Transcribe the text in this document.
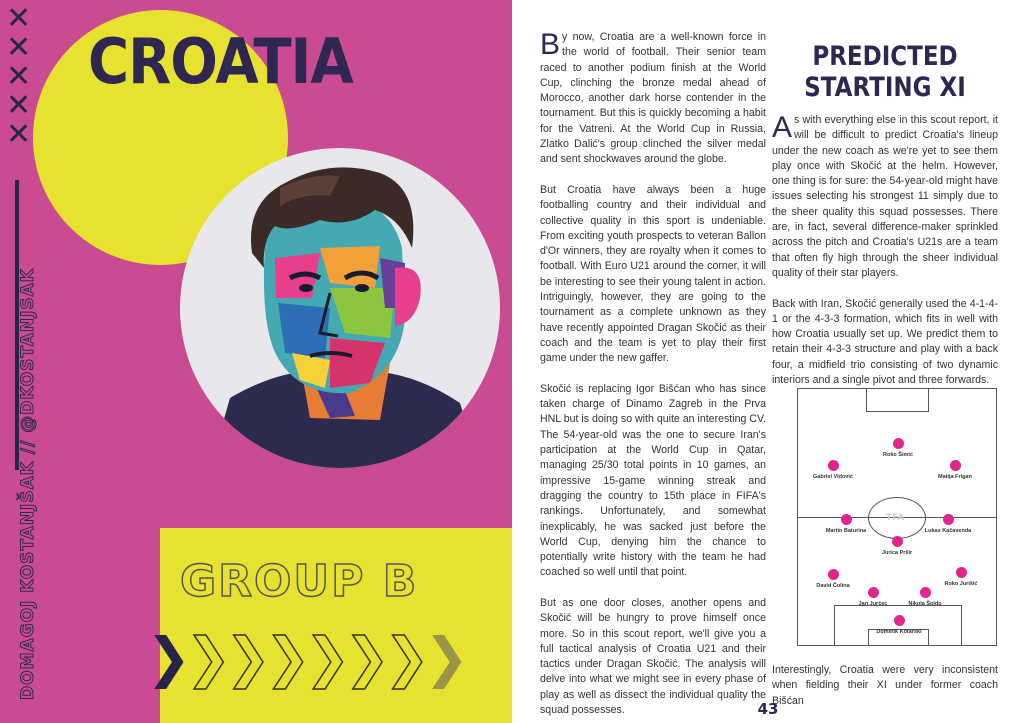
✕
✕
✕
✕
✕
CROATIA
GROUP B
❯ ❯ ❯ ❯ ❯ ❯ ❯ ❯
DOMAGOJ KOSTANJŠAK // @DKOSTANJSAK

By now, Croatia are a well-known force in the world of football. Their senior team raced to another podium finish at the World Cup, clinching the bronze medal ahead of Morocco, another dark horse contender in the tournament. But this is quickly becoming a habit for the Vatreni. At the World Cup in Russia, Zlatko Dalić's group clinched the silver medal and sent shockwaves around the globe.

But Croatia have always been a huge footballing country and their individual and collective quality in this sport is undeniable. From exciting youth prospects to veteran Ballon d'Or winners, they are royalty when it comes to football. With Euro U21 around the corner, it will be interesting to see their young talent in action. Intriguingly, however, they are going to the tournament as a complete unknown as they have recently appointed Dragan Skočić as their coach and the team is yet to play their first game under the new gaffer.

Skočić is replacing Igor Bišćan who has since taken charge of Dinamo Zagreb in the Prva HNL but is doing so with quite an interesting CV. The 54-year-old was the one to secure Iran's participation at the World Cup in Qatar, managing 25/30 total points in 10 games, an impressive 15-game winning streak and dragging the country to 15th place in FIFA's rankings. Unfortunately, and somewhat inexplicably, he was sacked just before the World Cup, denying him the chance to potentially write history with the team he had coached so well until that point.

But as one door closes, another opens and Skočić will be hungry to prove himself once more. So in this scout report, we'll give you a full tactical analysis of Croatia U21 and their tactics under Dragan Skočić. The analysis will delve into what we might see in every phase of play as well as dissect the individual quality the squad possesses.

PREDICTED
STARTING XI

As with everything else in this scout report, it will be difficult to predict Croatia's lineup under the new coach as we're yet to see them play once with Skočić at the helm. However, one thing is for sure: the 54-year-old might have issues selecting his strongest 11 simply due to the sheer quality this squad possesses. There are, in fact, several difference-maker sprinkled across the pitch and Croatia's U21s are a team that often fly high through the sheer individual quality of their star players.

Back with Iran, Skočić generally used the 4-1-4-1 or the 4-3-3 formation, which fits in well with how Croatia usually set up. We predict them to retain their 4-3-3 structure and play with a back four, a midfield trio consisting of two dynamic interiors and a single pivot and three forwards.

TFA
Roko Šimić
Gabriel Vidović	Matija Frigan
Martin Baturina	Lukas Kačavenda
Jurica Pršir
David Čolina	Roko Jurišić
Jan Jurčec	Nikola Šoldo
Dominik Kotarski
Interestingly, Croatia were very inconsistent when fielding their XI under former coach Bišćan
43
